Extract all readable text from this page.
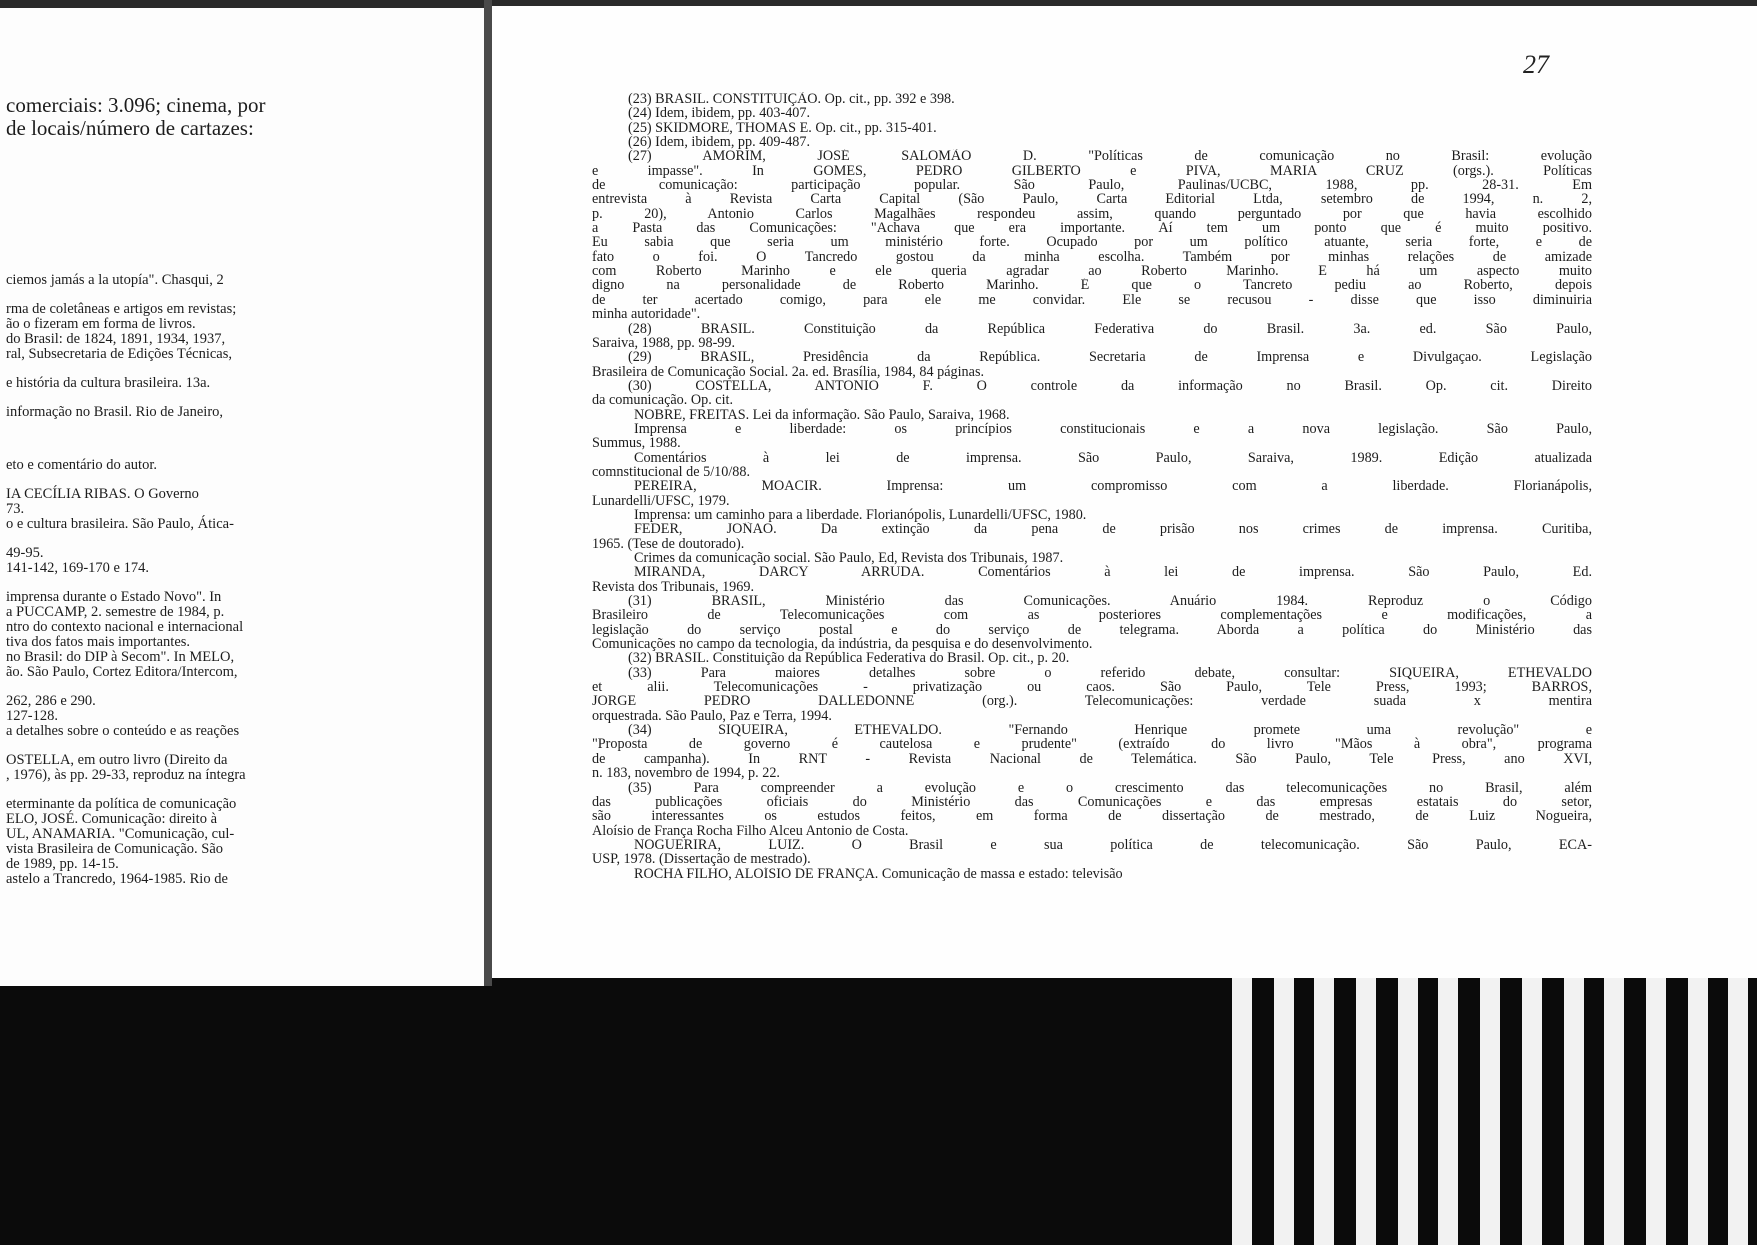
comerciais: 3.096; cinema, por
de locais/número de cartazes:
ciemos jamás a la utopía". Chasqui, 2
rma de coletâneas e artigos em revistas;
ão o fizeram em forma de livros.
do Brasil: de 1824, 1891, 1934, 1937,
ral, Subsecretaria de Edições Técnicas,
e história da cultura brasileira. 13a.
informação no Brasil. Rio de Janeiro,
eto e comentário do autor.
IA CECÍLIA RIBAS. O Governo
73.
o e cultura brasileira. São Paulo, Ática-
49-95.
141-142, 169-170 e 174.
imprensa durante o Estado Novo". In
a PUCCAMP, 2. semestre de 1984, p.
ntro do contexto nacional e internacional
tiva dos fatos mais importantes.
no Brasil: do DIP à Secom". In MELO,
ão. São Paulo, Cortez Editora/Intercom,
262, 286 e 290.
127-128.
a detalhes sobre o conteúdo e as reações
OSTELLA, em outro livro (Direito da
, 1976), às pp. 29-33, reproduz na íntegra
eterminante da política de comunicação
ELO, JOSÉ. Comunicação: direito à
UL, ANAMARIA. "Comunicação, cul-
vista Brasileira de Comunicação. São
de 1989, pp. 14-15.
astelo a Trancredo, 1964-1985. Rio de
27
(23) BRASIL. CONSTITUIÇÃO. Op. cit., pp. 392 e 398.
(24) Idem, ibidem, pp. 403-407.
(25) SKIDMORE, THOMAS E. Op. cit., pp. 315-401.
(26) Idem, ibidem, pp. 409-487.
(27) AMORIM, JOSÉ SALOMÃO D. "Políticas de comunicação no Brasil: evolução
e impasse". In GOMES, PEDRO GILBERTO e PIVA, MARIA CRUZ (orgs.). Políticas
de comunicação: participação popular. São Paulo, Paulinas/UCBC, 1988, pp. 28-31. Em
entrevista à Revista Carta Capital (São Paulo, Carta Editorial Ltda, setembro de 1994, n. 2,
p. 20), Antonio Carlos Magalhães respondeu assim, quando perguntado por que havia escolhido
a Pasta das Comunicações: "Achava que era importante. Aí tem um ponto que é muito positivo.
Eu sabia que seria um ministério forte. Ocupado por um político atuante, seria forte, e de
fato o foi. O Tancredo gostou da minha escolha. Também por minhas relações de amizade
com Roberto Marinho e ele queria agradar ao Roberto Marinho. E há um aspecto muito
digno na personalidade de Roberto Marinho. É que o Tancreto pediu ao Roberto, depois
de ter acertado comigo, para ele me convidar. Ele se recusou - disse que isso diminuiria
minha autoridade".
(28) BRASIL. Constituição da República Federativa do Brasil. 3a. ed. São Paulo,
Saraiva, 1988, pp. 98-99.
(29) BRASIL, Presidência da República. Secretaria de Imprensa e Divulgaçao. Legislação
Brasileira de Comunicação Social. 2a. ed. Brasília, 1984, 84 páginas.
(30) COSTELLA, ANTONIO F. O controle da informação no Brasil. Op. cit. Direito
da comunicação. Op. cit.
NOBRE, FREITAS. Lei da informação. São Paulo, Saraiva, 1968.
Imprensa e liberdade: os princípios constitucionais e a nova legislação. São Paulo,
Summus, 1988.
Comentários à lei de imprensa. São Paulo, Saraiva, 1989. Edição atualizada
comnstitucional de 5/10/88.
PEREIRA, MOACIR. Imprensa: um compromisso com a liberdade. Florianápolis,
Lunardelli/UFSC, 1979.
Imprensa: um caminho para a liberdade. Florianópolis, Lunardelli/UFSC, 1980.
FEDER, JOÑAO. Da extinção da pena de prisão nos crimes de imprensa. Curitiba,
1965. (Tese de doutorado).
Crimes da comunicação social. São Paulo, Ed, Revista dos Tribunais, 1987.
MIRANDA, DARCY ARRUDA. Comentários à lei de imprensa. São Paulo, Ed.
Revista dos Tribunais, 1969.
(31) BRASIL, Ministério das Comunicações. Anuário 1984. Reproduz o Código
Brasileiro de Telecomunicações com as posteriores complementações e modificações, a
legislação do serviço postal e do serviço de telegrama. Aborda a política do Ministério das
Comunicações no campo da tecnologia, da indústria, da pesquisa e do desenvolvimento.
(32) BRASIL. Constituição da República Federativa do Brasil. Op. cit., p. 20.
(33) Para maiores detalhes sobre o referido debate, consultar: SIQUEIRA, ETHEVALDO
et alii. Telecomunicações - privatização ou caos. São Paulo, Tele Press, 1993; BARROS,
JORGE PEDRO DALLEDONNE (org.). Telecomunicações: verdade suada x mentira
orquestrada. São Paulo, Paz e Terra, 1994.
(34) SIQUEIRA, ETHEVALDO. "Fernando Henrique promete uma revolução" e
"Proposta de governo é cautelosa e prudente" (extraído do livro "Mãos à obra", programa
de campanha). In RNT - Revista Nacional de Telemática. São Paulo, Tele Press, ano XVI,
n. 183, novembro de 1994, p. 22.
(35) Para compreender a evolução e o crescimento das telecomunicações no Brasil, além
das publicações oficiais do Ministério das Comunicações e das empresas estatais do setor,
são interessantes os estudos feitos, em forma de dissertação de mestrado, de Luiz Nogueira,
Aloísio de França Rocha Filho Alceu Antonio de Costa.
NOGUERIRA, LUIZ. O Brasil e sua política de telecomunicação. São Paulo, ECA-
USP, 1978. (Dissertação de mestrado).
ROCHA FILHO, ALOÍSIO DE FRANÇA. Comunicação de massa e estado: televisão
